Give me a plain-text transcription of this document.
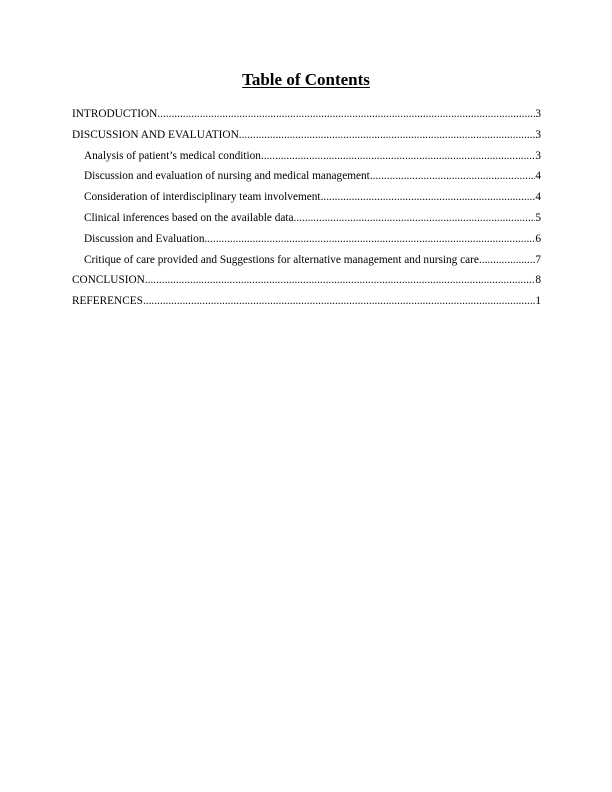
Table of Contents
INTRODUCTION .....	3
DISCUSSION AND EVALUATION .....	3
Analysis of patient’s medical condition .....	3
Discussion and evaluation of nursing and medical management .....	4
Consideration of interdisciplinary team involvement .....	4
Clinical inferences based on the available data .....	5
Discussion and Evaluation .....	6
Critique of care provided and Suggestions for alternative management and nursing care .....	7
CONCLUSION .....	8
REFERENCES .....	1
